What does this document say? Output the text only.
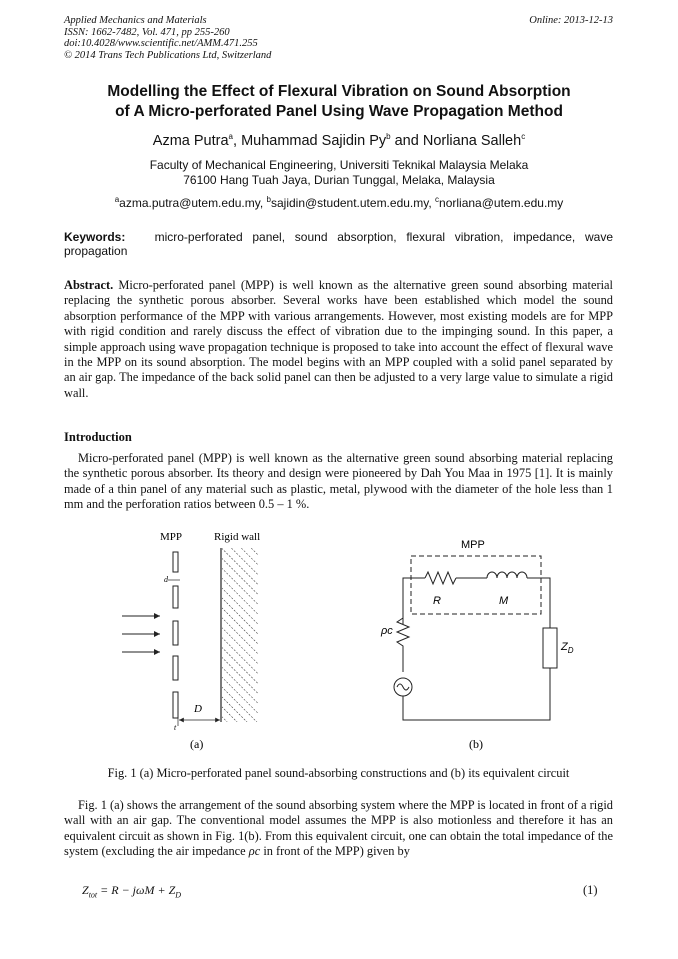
Applied Mechanics and Materials
ISSN: 1662-7482, Vol. 471, pp 255-260
doi:10.4028/www.scientific.net/AMM.471.255
© 2014 Trans Tech Publications Ltd, Switzerland
Online: 2013-12-13
Modelling the Effect of Flexural Vibration on Sound Absorption
of A Micro-perforated Panel Using Wave Propagation Method
Azma Putra$^a$, Muhammad Sajidin Py$^b$ and Norliana Salleh$^c$
Faculty of Mechanical Engineering, Universiti Teknikal Malaysia Melaka
76100 Hang Tuah Jaya, Durian Tunggal, Melaka, Malaysia
$^a$azma.putra@utem.edu.my, $^b$sajidin@student.utem.edu.my, $^c$norliana@utem.edu.my
Keywords: micro-perforated panel, sound absorption, flexural vibration, impedance, wave propagation
Abstract. Micro-perforated panel (MPP) is well known as the alternative green sound absorbing material replacing the synthetic porous absorber. Several works have been established which model the sound absorption performance of the MPP with various arrangements. However, most existing models are for MPP with rigid condition and rarely discuss the effect of vibration due to the impinging sound. In this paper, a simple approach using wave propagation technique is proposed to take into account the effect of flexural wave in the MPP on its sound absorption. The model begins with an MPP coupled with a solid panel separated by an air gap. The impedance of the back solid panel can then be adjusted to a very large value to simulate a rigid wall.
Introduction
Micro-perforated panel (MPP) is well known as the alternative green sound absorbing material replacing the synthetic porous absorber. Its theory and design were pioneered by Dah You Maa in 1975 [1]. It is mainly made of a thin panel of any material such as plastic, metal, plywood with the diameter of the hole less than 1 mm and the perforation ratios between 0.5 – 1 %.
MPP	Rigid wall
d
D
t
(a)
MPP
R	M
ρc
$Z_D$
(b)
Fig. 1 (a) Micro-perforated panel sound-absorbing constructions and (b) its equivalent circuit
Fig. 1 (a) shows the arrangement of the sound absorbing system where the MPP is located in front of a rigid wall with an air gap. The conventional model assumes the MPP is also motionless and therefore it has an equivalent circuit as shown in Fig. 1(b). From this equivalent circuit, one can obtain the total impedance of the system (excluding the air impedance ρc in front of the MPP) given by
$Z_{tot} = R - j\omega M + Z_D$	(1)
